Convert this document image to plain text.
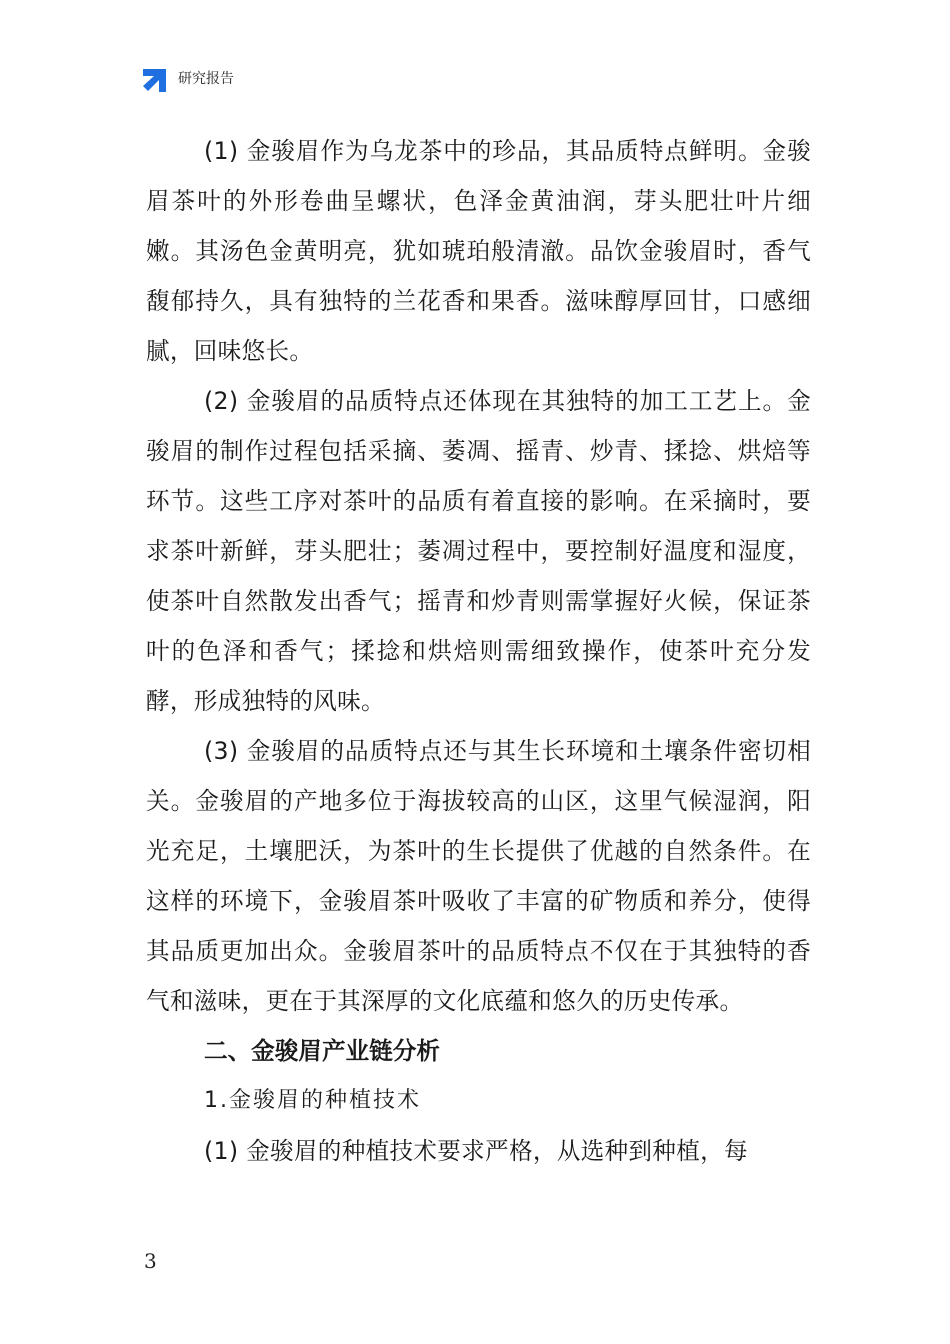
研究报告

(1) 金骏眉作为乌龙茶中的珍品，其品质特点鲜明。金骏眉茶叶的外形卷曲呈螺状，色泽金黄油润，芽头肥壮叶片细嫩。其汤色金黄明亮，犹如琥珀般清澈。品饮金骏眉时，香气馥郁持久，具有独特的兰花香和果香。滋味醇厚回甘，口感细腻，回味悠长。

(2) 金骏眉的品质特点还体现在其独特的加工工艺上。金骏眉的制作过程包括采摘、萎凋、摇青、炒青、揉捻、烘焙等环节。这些工序对茶叶的品质有着直接的影响。在采摘时，要求茶叶新鲜，芽头肥壮；萎凋过程中，要控制好温度和湿度，使茶叶自然散发出香气；摇青和炒青则需掌握好火候，保证茶叶的色泽和香气；揉捻和烘焙则需细致操作，使茶叶充分发酵，形成独特的风味。

(3) 金骏眉的品质特点还与其生长环境和土壤条件密切相关。金骏眉的产地多位于海拔较高的山区，这里气候湿润，阳光充足，土壤肥沃，为茶叶的生长提供了优越的自然条件。在这样的环境下，金骏眉茶叶吸收了丰富的矿物质和养分，使得其品质更加出众。金骏眉茶叶的品质特点不仅在于其独特的香气和滋味，更在于其深厚的文化底蕴和悠久的历史传承。

二、金骏眉产业链分析

1.金骏眉的种植技术

(1) 金骏眉的种植技术要求严格，从选种到种植，每

3
